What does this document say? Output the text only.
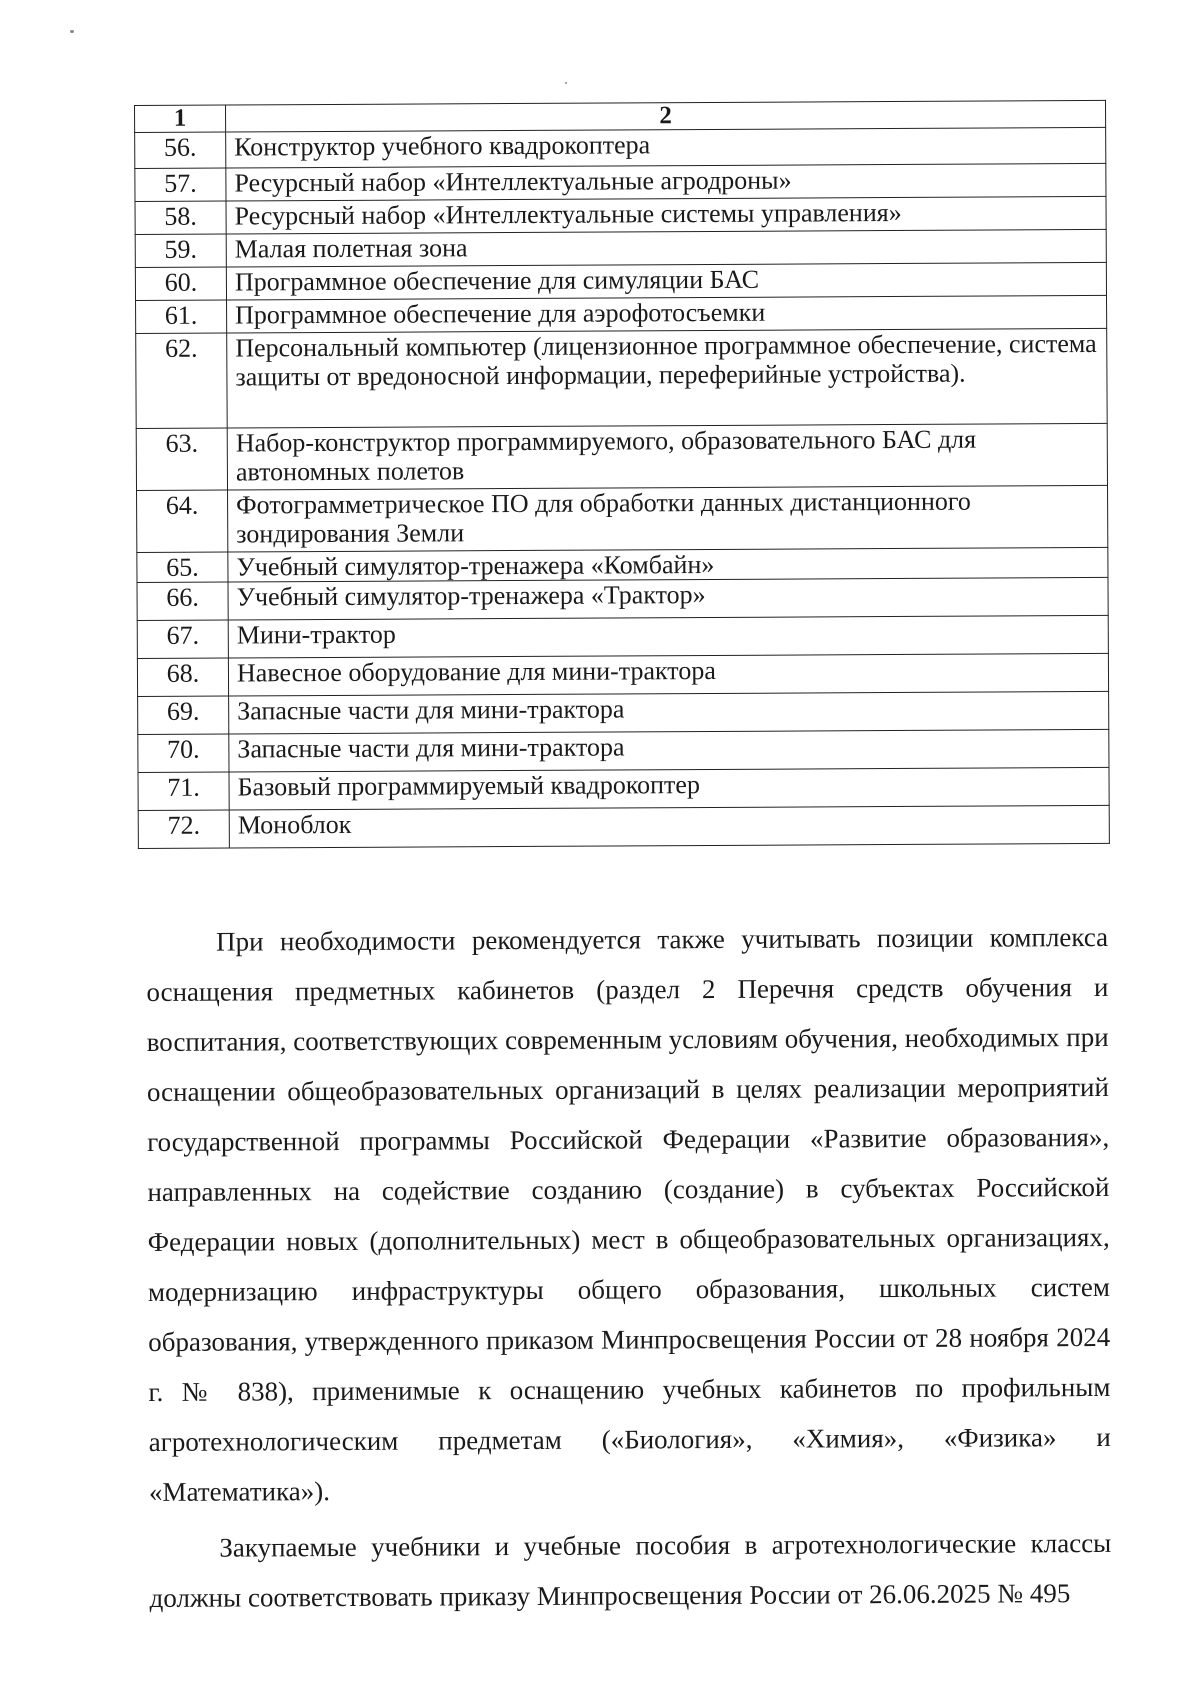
1	2
56.	Конструктор учебного квадрокоптера
57.	Ресурсный набор «Интеллектуальные агродроны»
58.	Ресурсный набор «Интеллектуальные системы управления»
59.	Малая полетная зона
60.	Программное обеспечение для симуляции БАС
61.	Программное обеспечение для аэрофотосъемки
62.	Персональный компьютер (лицензионное программное обеспечение, система защиты от вредоносной информации, переферийные устройства).
63.	Набор-конструктор программируемого, образовательного БАС для автономных полетов
64.	Фотограмметрическое ПО для обработки данных дистанционного зондирования Земли
65.	Учебный симулятор-тренажера «Комбайн»
66.	Учебный симулятор-тренажера «Трактор»
67.	Мини-трактор
68.	Навесное оборудование для мини-трактора
69.	Запасные части для мини-трактора
70.	Запасные части для мини-трактора
71.	Базовый программируемый квадрокоптер
72.	Моноблок

При необходимости рекомендуется также учитывать позиции комплекса оснащения предметных кабинетов (раздел 2 Перечня средств обучения и воспитания, соответствующих современным условиям обучения, необходимых при оснащении общеобразовательных организаций в целях реализации мероприятий государственной программы Российской Федерации «Развитие образования», направленных на содействие созданию (создание) в субъектах Российской Федерации новых (дополнительных) мест в общеобразовательных организациях, модернизацию инфраструктуры общего образования, школьных систем образования, утвержденного приказом Минпросвещения России от 28 ноября 2024 г. № 838), применимые к оснащению учебных кабинетов по профильным агротехнологическим предметам («Биология», «Химия», «Физика» и «Математика»).

Закупаемые учебники и учебные пособия в агротехнологические классы должны соответствовать приказу Минпросвещения России от 26.06.2025 № 495
